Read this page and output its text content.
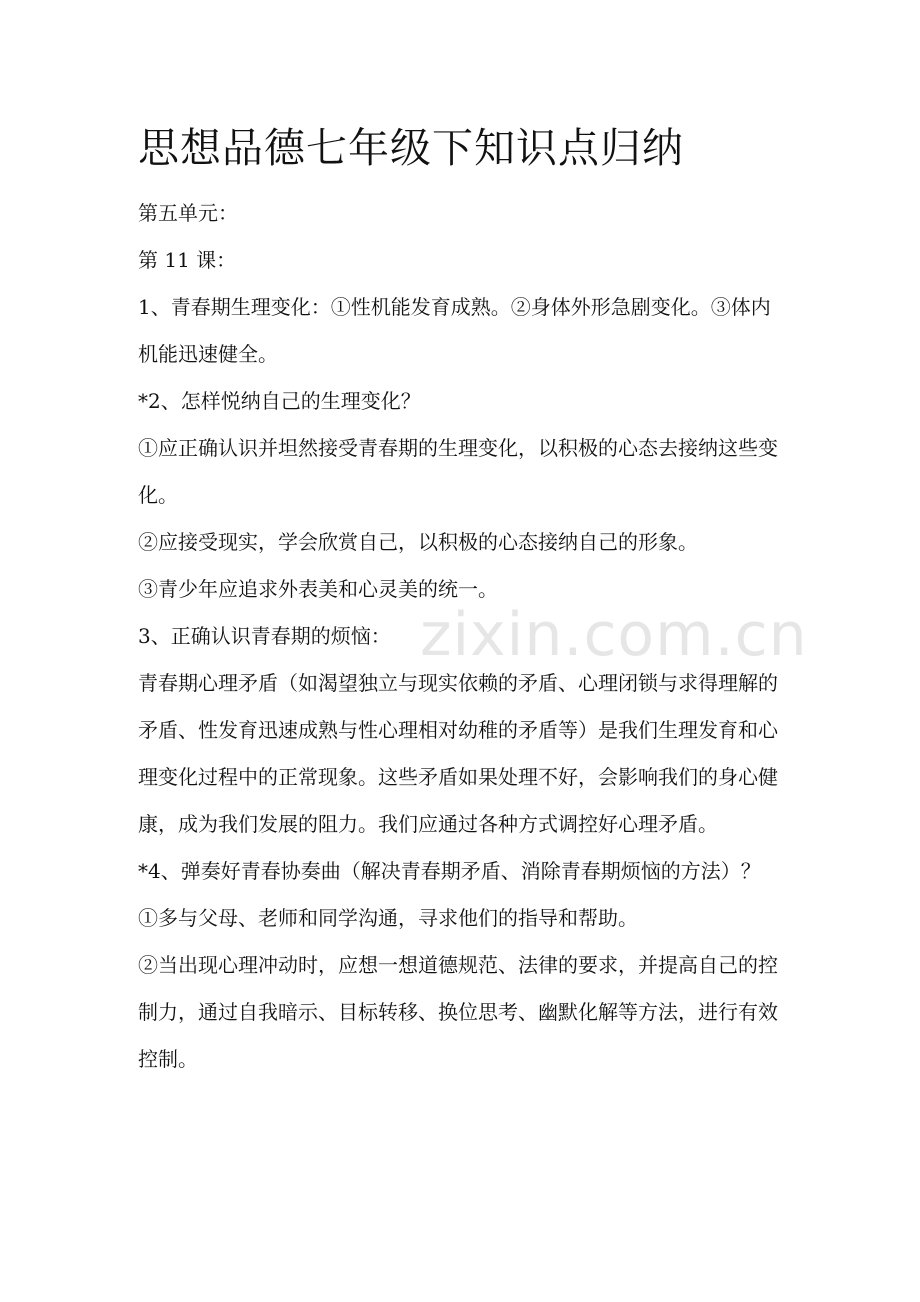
思想品德七年级下知识点归纳

第五单元：

第 11 课：

1、青春期生理变化：①性机能发育成熟。②身体外形急剧变化。③体内机能迅速健全。

*2、怎样悦纳自己的生理变化？

①应正确认识并坦然接受青春期的生理变化，以积极的心态去接纳这些变化。

②应接受现实，学会欣赏自己，以积极的心态接纳自己的形象。

③青少年应追求外表美和心灵美的统一。

3、正确认识青春期的烦恼：

青春期心理矛盾（如渴望独立与现实依赖的矛盾、心理闭锁与求得理解的矛盾、性发育迅速成熟与性心理相对幼稚的矛盾等）是我们生理发育和心理变化过程中的正常现象。这些矛盾如果处理不好，会影响我们的身心健康，成为我们发展的阻力。我们应通过各种方式调控好心理矛盾。

*4、弹奏好青春协奏曲（解决青春期矛盾、消除青春期烦恼的方法）？

①多与父母、老师和同学沟通，寻求他们的指导和帮助。

②当出现心理冲动时，应想一想道德规范、法律的要求，并提高自己的控制力，通过自我暗示、目标转移、换位思考、幽默化解等方法，进行有效控制。

zixin.com.cn
